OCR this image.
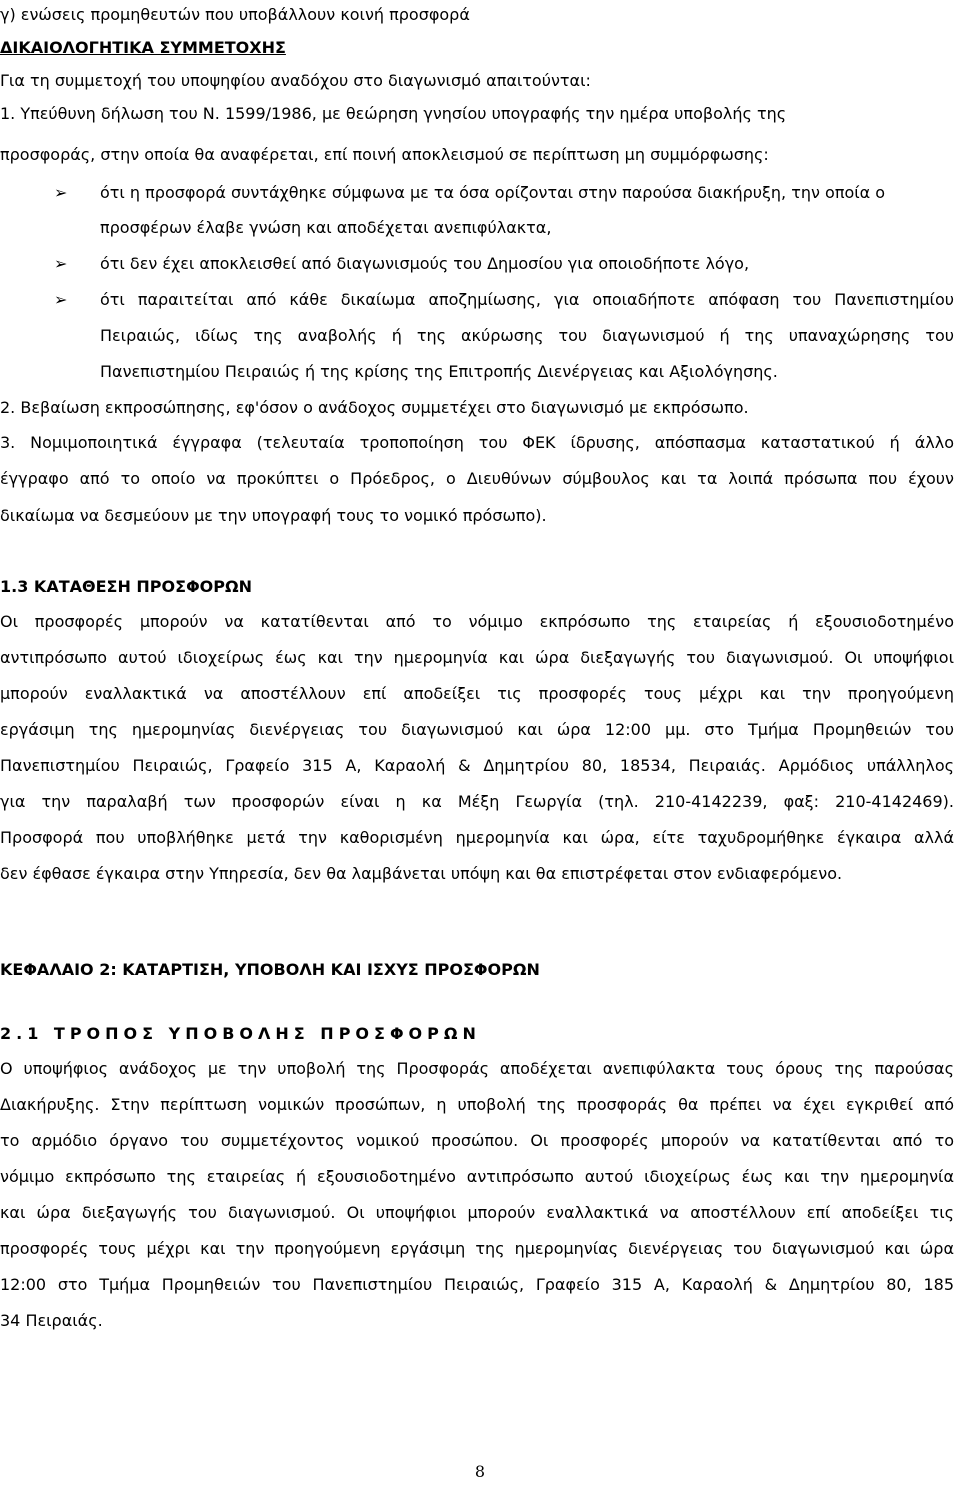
γ) ενώσεις προμηθευτών που υποβάλλουν κοινή προσφορά
ΔΙΚΑΙΟΛΟΓΗΤΙΚΑ ΣΥΜΜΕΤΟΧΗΣ
Για τη συμμετοχή του υποψηφίου αναδόχου στο διαγωνισμό απαιτούνται:
1. Υπεύθυνη δήλωση του Ν. 1599/1986, με θεώρηση γνησίου υπογραφής την ημέρα υποβολής της
προσφοράς, στην οποία θα αναφέρεται, επί ποινή αποκλεισμού σε περίπτωση μη συμμόρφωσης:
➢	ότι η προσφορά συντάχθηκε σύμφωνα με τα όσα ορίζονται στην παρούσα διακήρυξη, την οποία ο
προσφέρων έλαβε γνώση και αποδέχεται ανεπιφύλακτα,
➢	ότι δεν έχει αποκλεισθεί από διαγωνισμούς του Δημοσίου για οποιοδήποτε λόγο,
➢	ότι παραιτείται από κάθε δικαίωμα αποζημίωσης, για οποιαδήποτε απόφαση του Πανεπιστημίου
Πειραιώς, ιδίως της αναβολής ή της ακύρωσης του διαγωνισμού ή της υπαναχώρησης του
Πανεπιστημίου Πειραιώς ή της κρίσης της Επιτροπής Διενέργειας και Αξιολόγησης.
2. Βεβαίωση εκπροσώπησης, εφ'όσον ο ανάδοχος συμμετέχει στο διαγωνισμό με εκπρόσωπο.
3. Νομιμοποιητικά έγγραφα (τελευταία τροποποίηση του ΦΕΚ ίδρυσης, απόσπασμα καταστατικού ή άλλο
έγγραφο από το οποίο να προκύπτει ο Πρόεδρος, ο Διευθύνων σύμβουλος και τα λοιπά πρόσωπα που έχουν
δικαίωμα να δεσμεύουν με την υπογραφή τους το νομικό πρόσωπο).
1.3 ΚΑΤΑΘΕΣΗ ΠΡΟΣΦΟΡΩΝ
Οι προσφορές μπορούν να κατατίθενται από το νόμιμο εκπρόσωπο της εταιρείας ή εξουσιοδοτημένο
αντιπρόσωπο αυτού ιδιοχείρως έως και την ημερομηνία και ώρα διεξαγωγής του διαγωνισμού. Οι υποψήφιοι
μπορούν εναλλακτικά να αποστέλλουν επί αποδείξει τις προσφορές τους μέχρι και την προηγούμενη
εργάσιμη της ημερομηνίας διενέργειας του διαγωνισμού και ώρα 12:00 μμ. στο Τμήμα Προμηθειών του
Πανεπιστημίου Πειραιώς, Γραφείο 315 Α, Καραολή & Δημητρίου 80, 18534, Πειραιάς. Αρμόδιος υπάλληλος
για την παραλαβή των προσφορών είναι η κα Μέξη Γεωργία (τηλ. 210-4142239, φαξ: 210-4142469).
Προσφορά που υποβλήθηκε μετά την καθορισμένη ημερομηνία και ώρα, είτε ταχυδρομήθηκε έγκαιρα αλλά
δεν έφθασε έγκαιρα στην Υπηρεσία, δεν θα λαμβάνεται υπόψη και θα επιστρέφεται στον ενδιαφερόμενο.
ΚΕΦΑΛΑΙΟ 2: ΚΑΤΑΡΤΙΣΗ, ΥΠΟΒΟΛΗ ΚΑΙ ΙΣΧΥΣ ΠΡΟΣΦΟΡΩΝ
2.1 ΤΡΟΠΟΣ ΥΠΟΒΟΛΗΣ ΠΡΟΣΦΟΡΩΝ
Ο υποψήφιος ανάδοχος με την υποβολή της Προσφοράς αποδέχεται ανεπιφύλακτα τους όρους της παρούσας
Διακήρυξης. Στην περίπτωση νομικών προσώπων, η υποβολή της προσφοράς θα πρέπει να έχει εγκριθεί από
το αρμόδιο όργανο του συμμετέχοντος νομικού προσώπου. Οι προσφορές μπορούν να κατατίθενται από το
νόμιμο εκπρόσωπο της εταιρείας ή εξουσιοδοτημένο αντιπρόσωπο αυτού ιδιοχείρως έως και την ημερομηνία
και ώρα διεξαγωγής του διαγωνισμού. Οι υποψήφιοι μπορούν εναλλακτικά να αποστέλλουν επί αποδείξει τις
προσφορές τους μέχρι και την προηγούμενη εργάσιμη της ημερομηνίας διενέργειας του διαγωνισμού και ώρα
12:00 στο Τμήμα Προμηθειών του Πανεπιστημίου Πειραιώς, Γραφείο 315 Α, Καραολή & Δημητρίου 80, 185
34 Πειραιάς.
8
